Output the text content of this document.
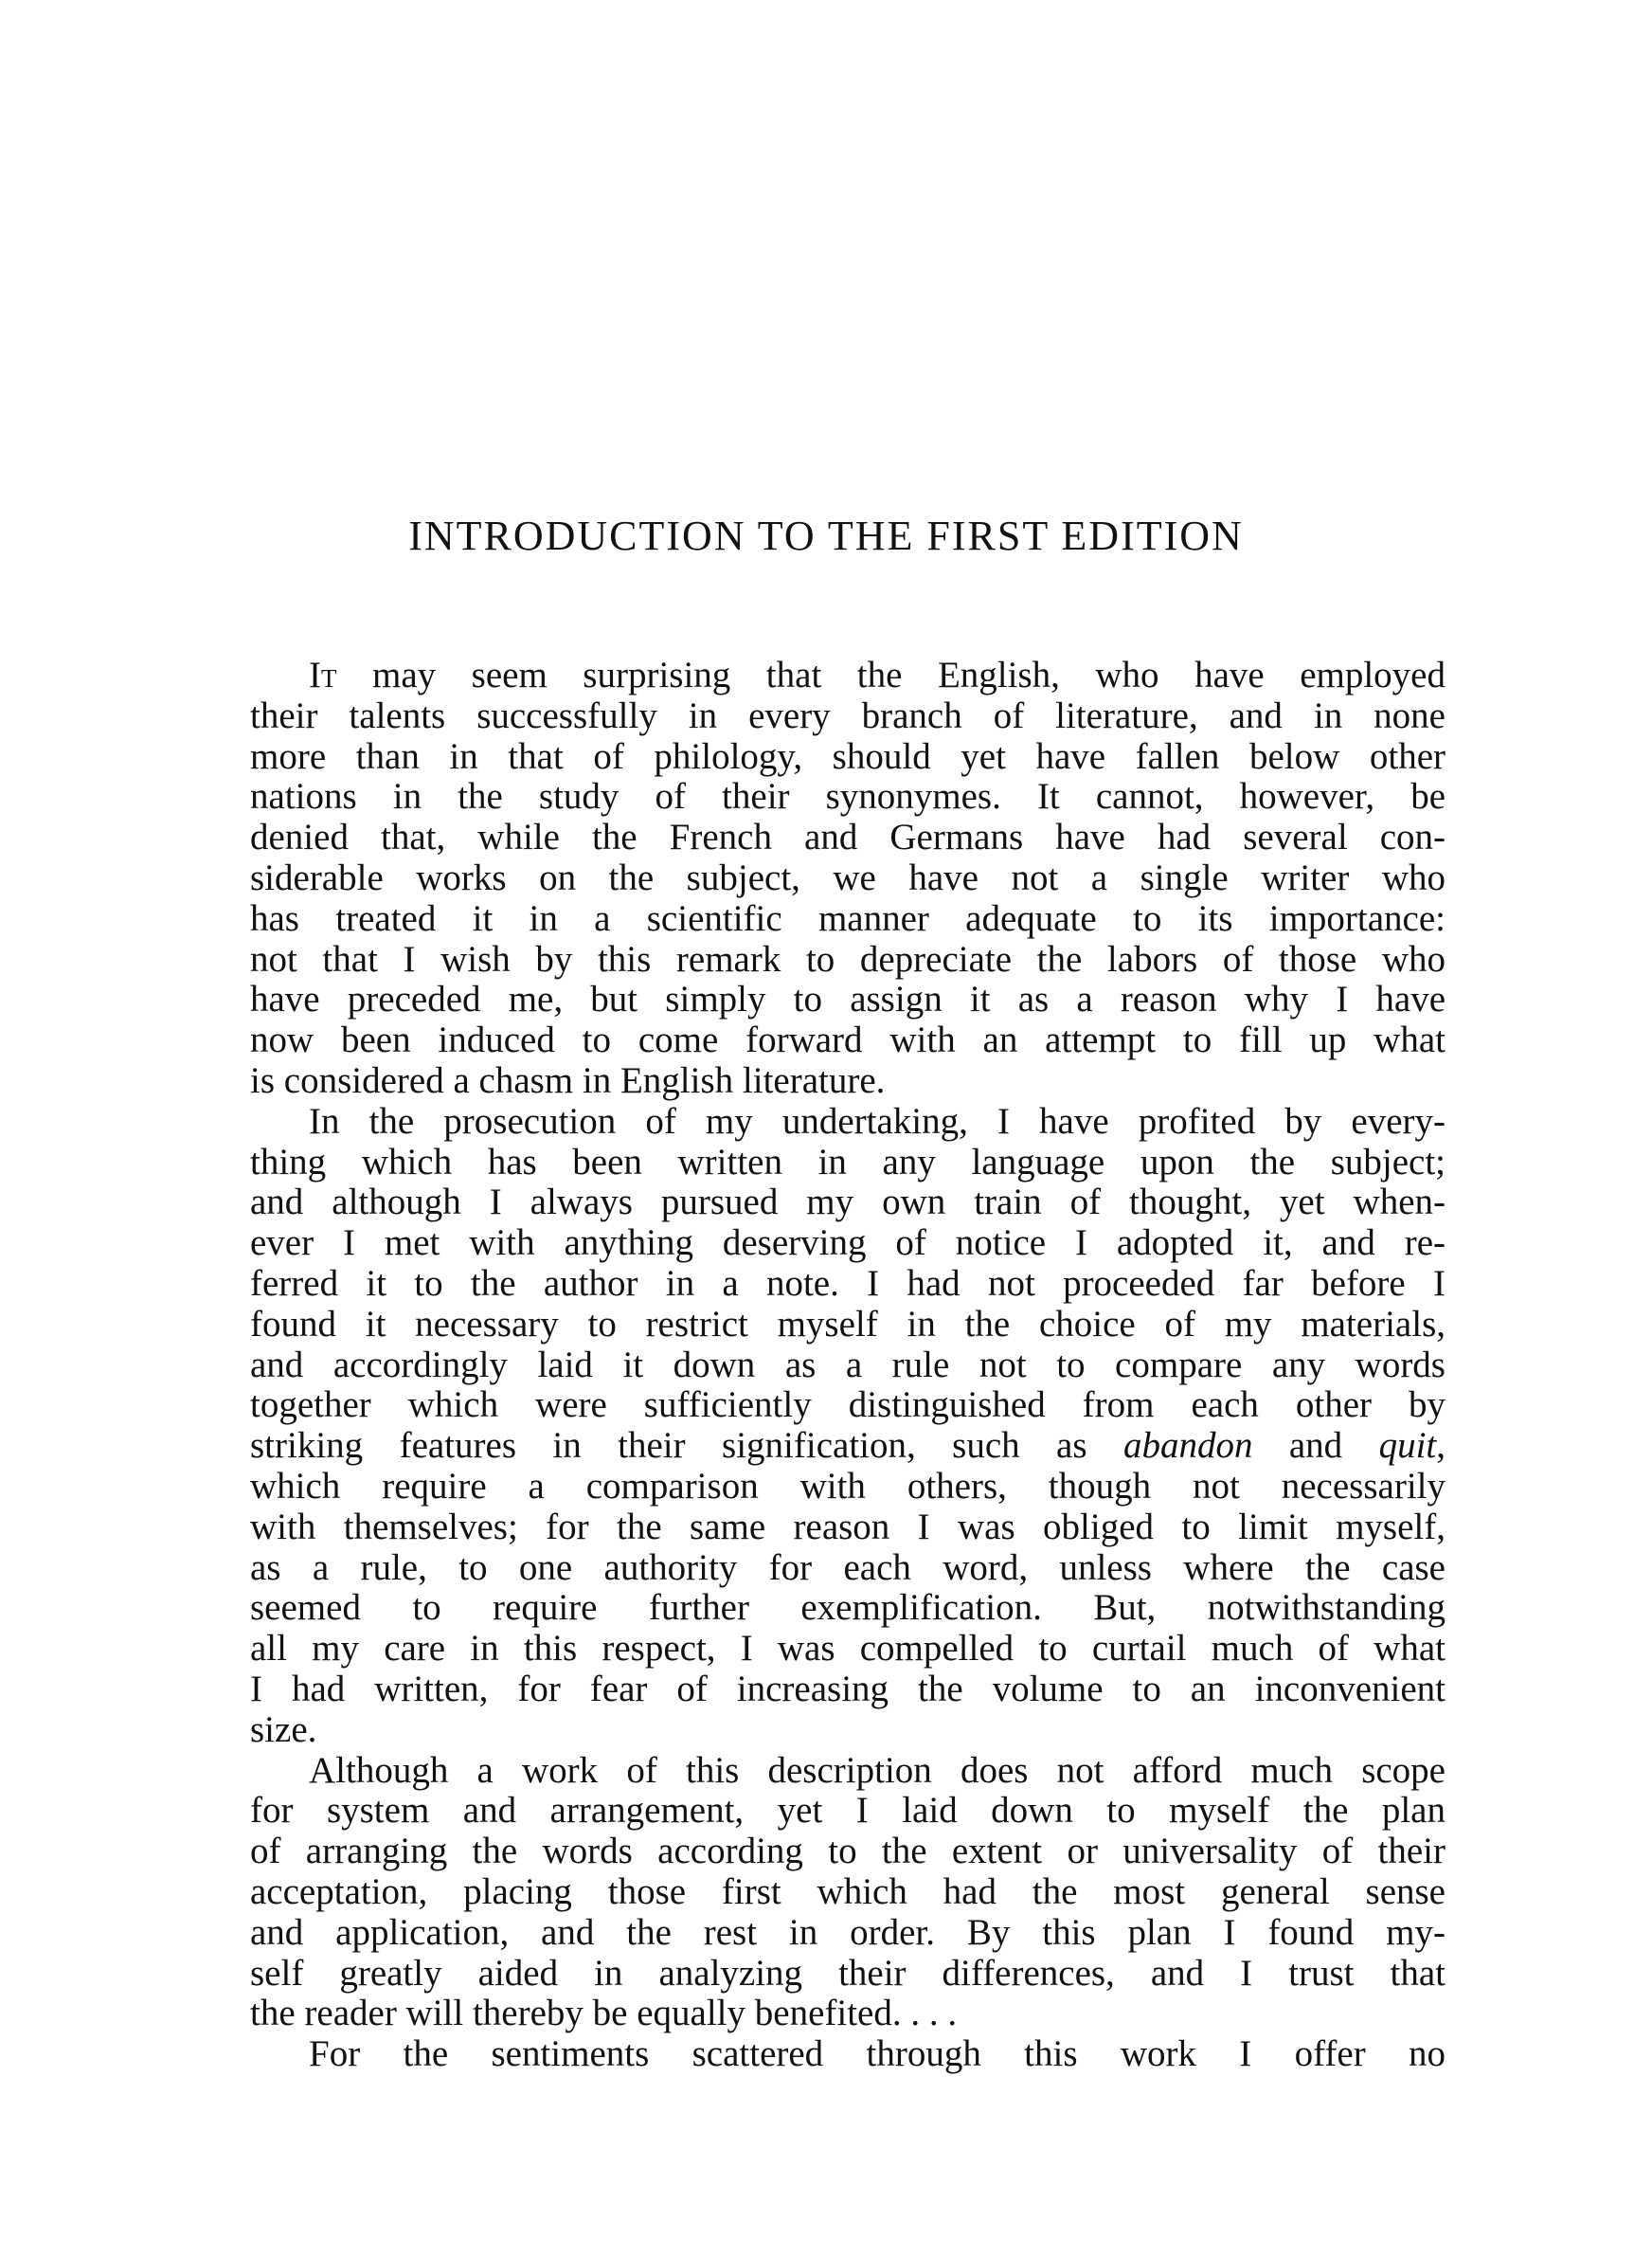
INTRODUCTION TO THE FIRST EDITION
It may seem surprising that the English, who have employed
their talents successfully in every branch of literature, and in none
more than in that of philology, should yet have fallen below other
nations in the study of their synonymes. It cannot, however, be
denied that, while the French and Germans have had several con-
siderable works on the subject, we have not a single writer who
has treated it in a scientific manner adequate to its importance:
not that I wish by this remark to depreciate the labors of those who
have preceded me, but simply to assign it as a reason why I have
now been induced to come forward with an attempt to fill up what
is considered a chasm in English literature.
In the prosecution of my undertaking, I have profited by every-
thing which has been written in any language upon the subject;
and although I always pursued my own train of thought, yet when-
ever I met with anything deserving of notice I adopted it, and re-
ferred it to the author in a note. I had not proceeded far before I
found it necessary to restrict myself in the choice of my materials,
and accordingly laid it down as a rule not to compare any words
together which were sufficiently distinguished from each other by
striking features in their signification, such as abandon and quit,
which require a comparison with others, though not necessarily
with themselves; for the same reason I was obliged to limit myself,
as a rule, to one authority for each word, unless where the case
seemed to require further exemplification. But, notwithstanding
all my care in this respect, I was compelled to curtail much of what
I had written, for fear of increasing the volume to an inconvenient
size.
Although a work of this description does not afford much scope
for system and arrangement, yet I laid down to myself the plan
of arranging the words according to the extent or universality of their
acceptation, placing those first which had the most general sense
and application, and the rest in order. By this plan I found my-
self greatly aided in analyzing their differences, and I trust that
the reader will thereby be equally benefited. . . .
For the sentiments scattered through this work I offer no
